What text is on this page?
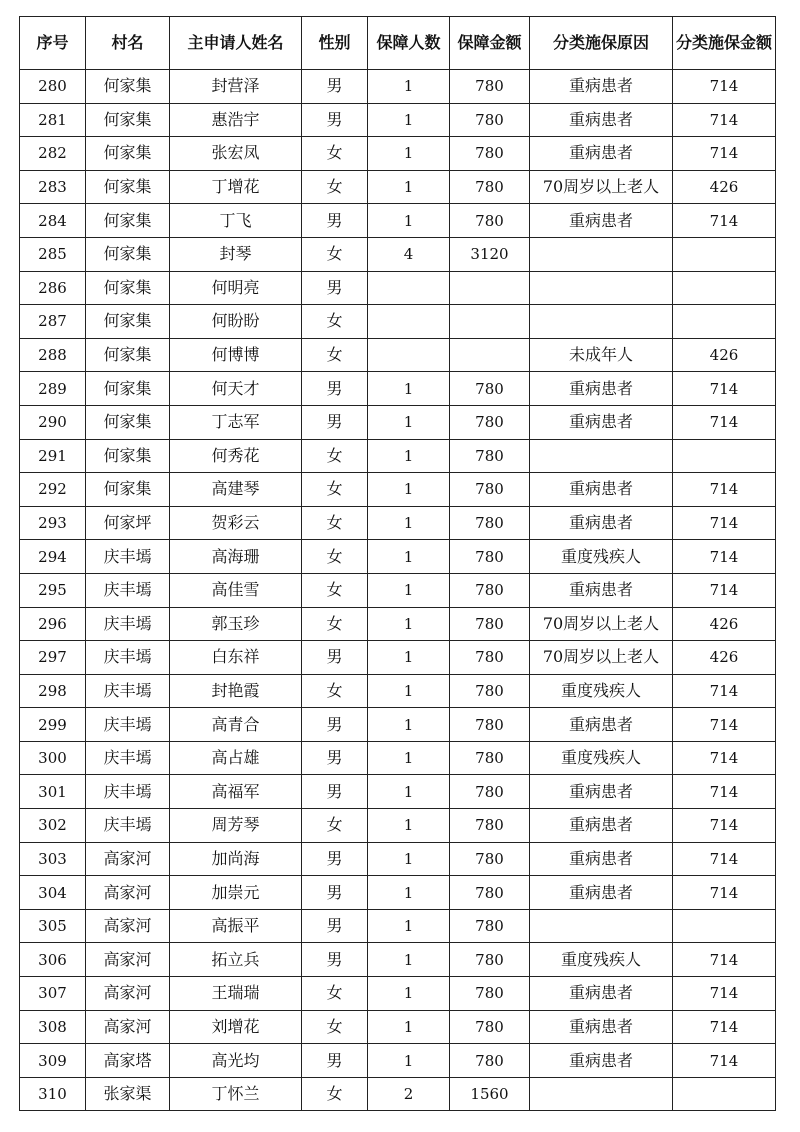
序号	村名	主申请人姓名	性别	保障人数	保障金额	分类施保原因	分类施保金额
280	何家集	封营泽	男	1	780	重病患者	714
281	何家集	惠浩宇	男	1	780	重病患者	714
282	何家集	张宏凤	女	1	780	重病患者	714
283	何家集	丁增花	女	1	780	70周岁以上老人	426
284	何家集	丁飞	男	1	780	重病患者	714
285	何家集	封琴	女	4	3120		
286	何家集	何明亮	男				
287	何家集	何盼盼	女				
288	何家集	何博博	女			未成年人	426
289	何家集	何天才	男	1	780	重病患者	714
290	何家集	丁志军	男	1	780	重病患者	714
291	何家集	何秀花	女	1	780		
292	何家集	高建琴	女	1	780	重病患者	714
293	何家坪	贺彩云	女	1	780	重病患者	714
294	庆丰墕	高海珊	女	1	780	重度残疾人	714
295	庆丰墕	高佳雪	女	1	780	重病患者	714
296	庆丰墕	郭玉珍	女	1	780	70周岁以上老人	426
297	庆丰墕	白东祥	男	1	780	70周岁以上老人	426
298	庆丰墕	封艳霞	女	1	780	重度残疾人	714
299	庆丰墕	高青合	男	1	780	重病患者	714
300	庆丰墕	高占雄	男	1	780	重度残疾人	714
301	庆丰墕	高福军	男	1	780	重病患者	714
302	庆丰墕	周芳琴	女	1	780	重病患者	714
303	高家河	加尚海	男	1	780	重病患者	714
304	高家河	加崇元	男	1	780	重病患者	714
305	高家河	高振平	男	1	780		
306	高家河	拓立兵	男	1	780	重度残疾人	714
307	高家河	王瑞瑞	女	1	780	重病患者	714
308	高家河	刘增花	女	1	780	重病患者	714
309	高家塔	高光均	男	1	780	重病患者	714
310	张家渠	丁怀兰	女	2	1560		
